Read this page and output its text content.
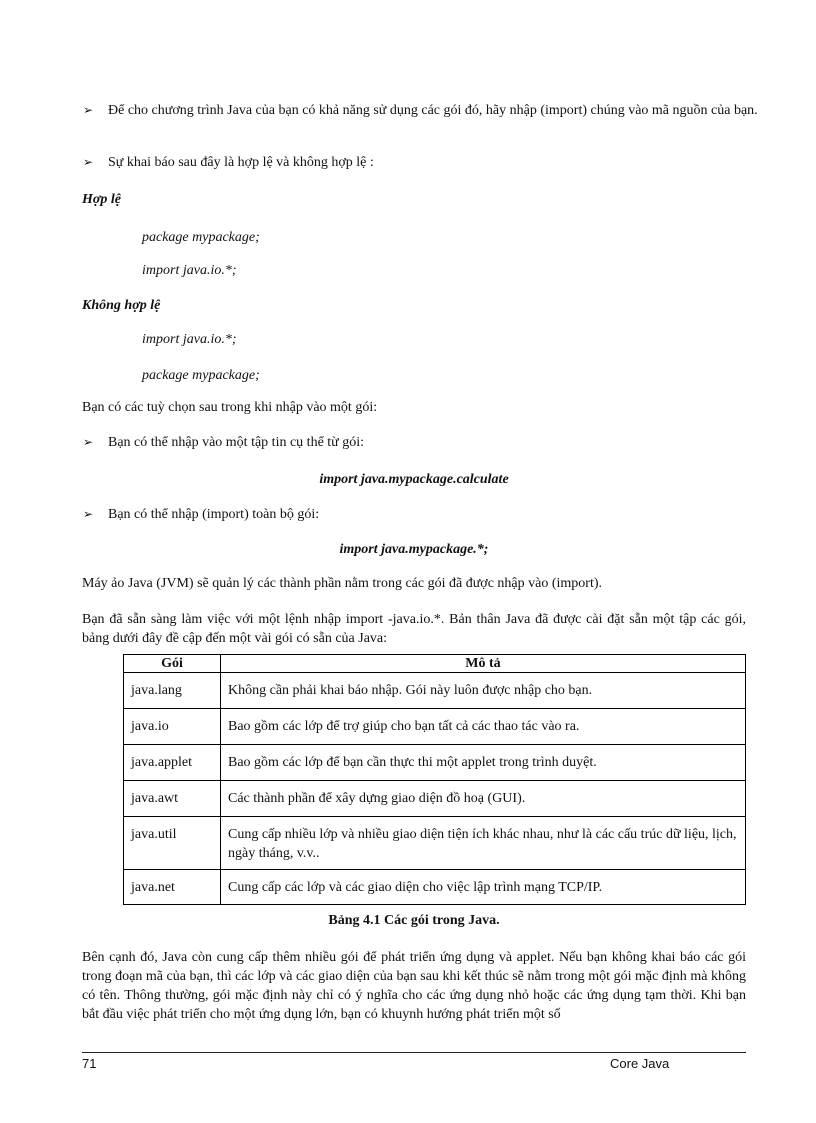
➢ Để cho chương trình Java của bạn có khả năng sử dụng các gói đó, hãy nhập (import) chúng vào mã nguồn của bạn.
➢ Sự khai báo sau đây là hợp lệ và không hợp lệ :
Hợp lệ
package mypackage;
import java.io.*;
Không hợp lệ
import java.io.*;
package mypackage;
Bạn có các tuỳ chọn sau trong khi nhập vào một gói:
➢ Bạn có thể nhập vào một tập tin cụ thể từ gói:
import java.mypackage.calculate
➢ Bạn có thể nhập (import) toàn bộ gói:
import java.mypackage.*;
Máy ảo Java (JVM) sẽ quản lý các thành phần nằm trong các gói đã được nhập vào (import).
Bạn đã sẵn sàng làm việc với một lệnh nhập import -java.io.*. Bản thân Java đã được cài đặt sẵn một tập các gói, bảng dưới đây đề cập đến một vài gói có sẵn của Java:
Gói	Mô tả
java.lang	Không cần phải khai báo nhập. Gói này luôn được nhập cho bạn.
java.io	Bao gồm các lớp để trợ giúp cho bạn tất cả các thao tác vào ra.
java.applet	Bao gồm các lớp để bạn cần thực thi một applet trong trình duyệt.
java.awt	Các thành phần để xây dựng giao diện đồ hoạ (GUI).
java.util	Cung cấp nhiều lớp và nhiều giao diện tiện ích khác nhau, như là các cấu trúc dữ liệu, lịch, ngày tháng, v.v..
java.net	Cung cấp các lớp và các giao diện cho việc lập trình mạng TCP/IP.
Bảng 4.1 Các gói trong Java.
Bên cạnh đó, Java còn cung cấp thêm nhiều gói để phát triển ứng dụng và applet. Nếu bạn không khai báo các gói trong đoạn mã của bạn, thì các lớp và các giao diện của bạn sau khi kết thúc sẽ nằm trong một gói mặc định mà không có tên. Thông thường, gói mặc định này chỉ có ý nghĩa cho các ứng dụng nhỏ hoặc các ứng dụng tạm thời. Khi bạn bắt đầu việc phát triển cho một ứng dụng lớn, bạn có khuynh hướng phát triển một số
71	Core Java
